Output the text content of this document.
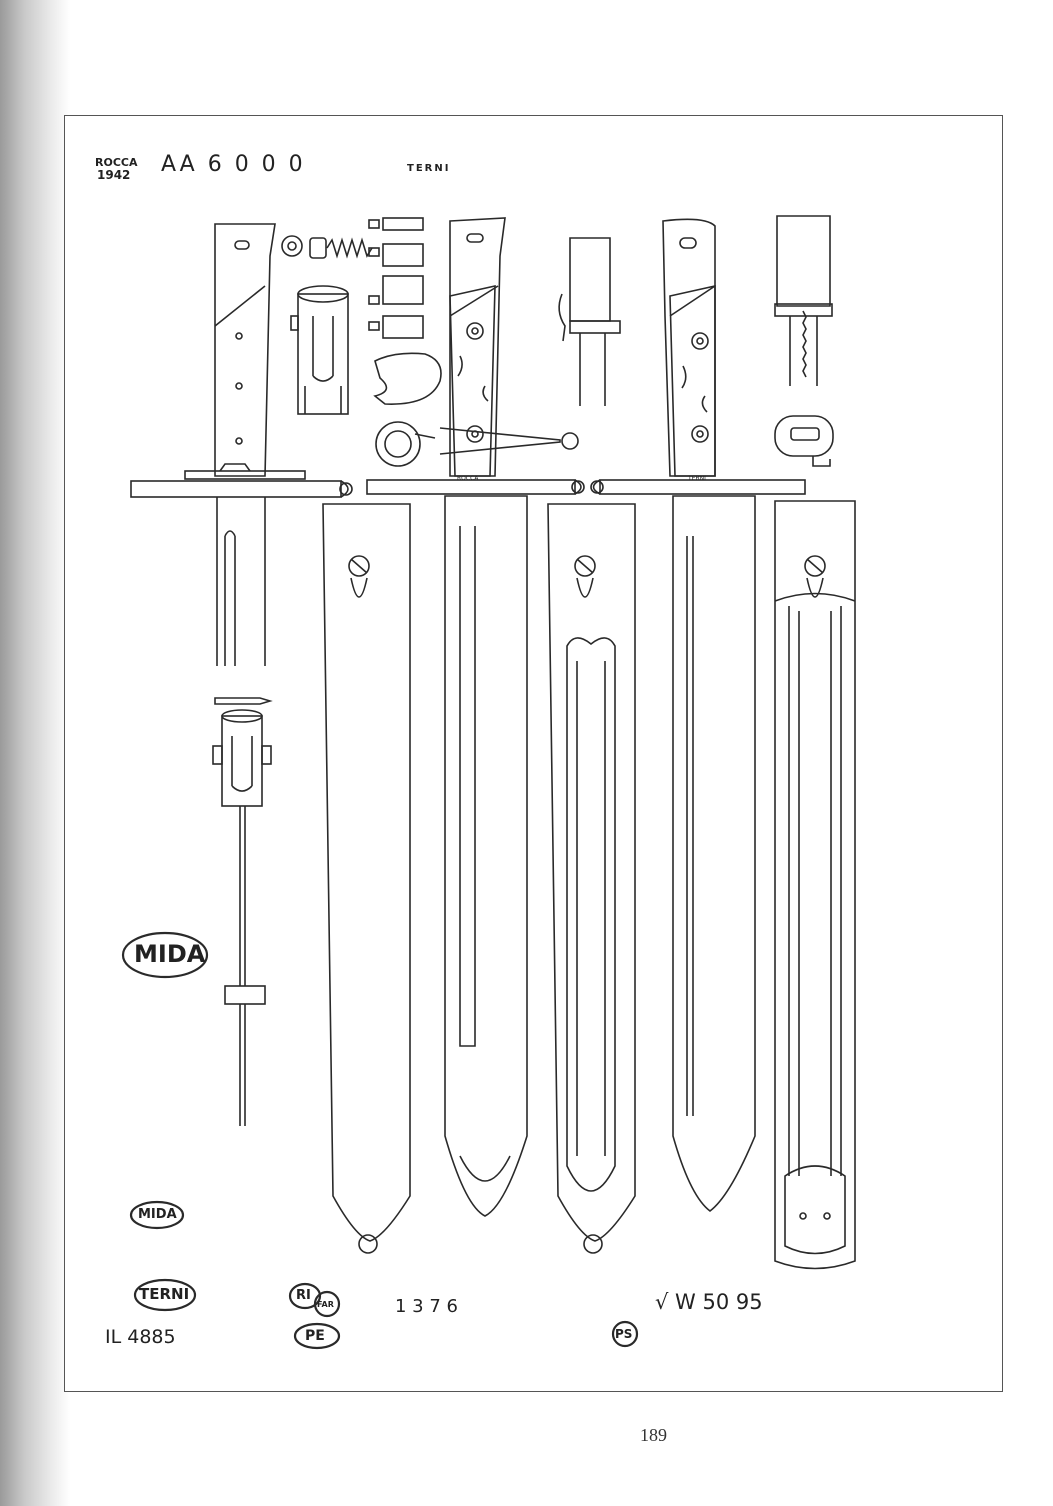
ROCCA
1942 AA 6 0 0 0	TERNI
ROCCA	TERNI
MIDA
MIDA
TERNI
IL 4885
RI
FAR
PE
1 3 7 6	√ W 50 95
PS
189
